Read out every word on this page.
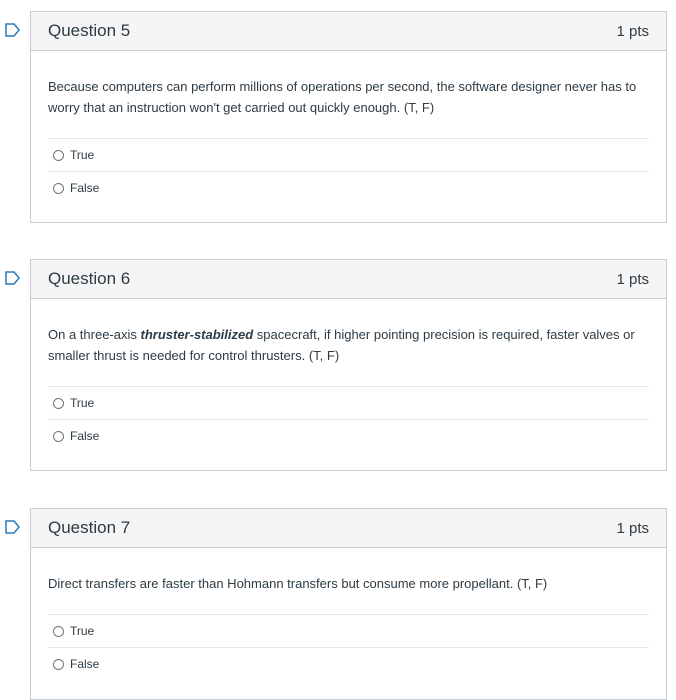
Question 5	1 pts

Because computers can perform millions of operations per second, the software designer never has to worry that an instruction won't get carried out quickly enough. (T, F)

True
False
Question 6	1 pts

On a three-axis thruster-stabilized spacecraft, if higher pointing precision is required, faster valves or smaller thrust is needed for control thrusters. (T, F)

True
False
Question 7	1 pts

Direct transfers are faster than Hohmann transfers but consume more propellant. (T, F)

True
False
